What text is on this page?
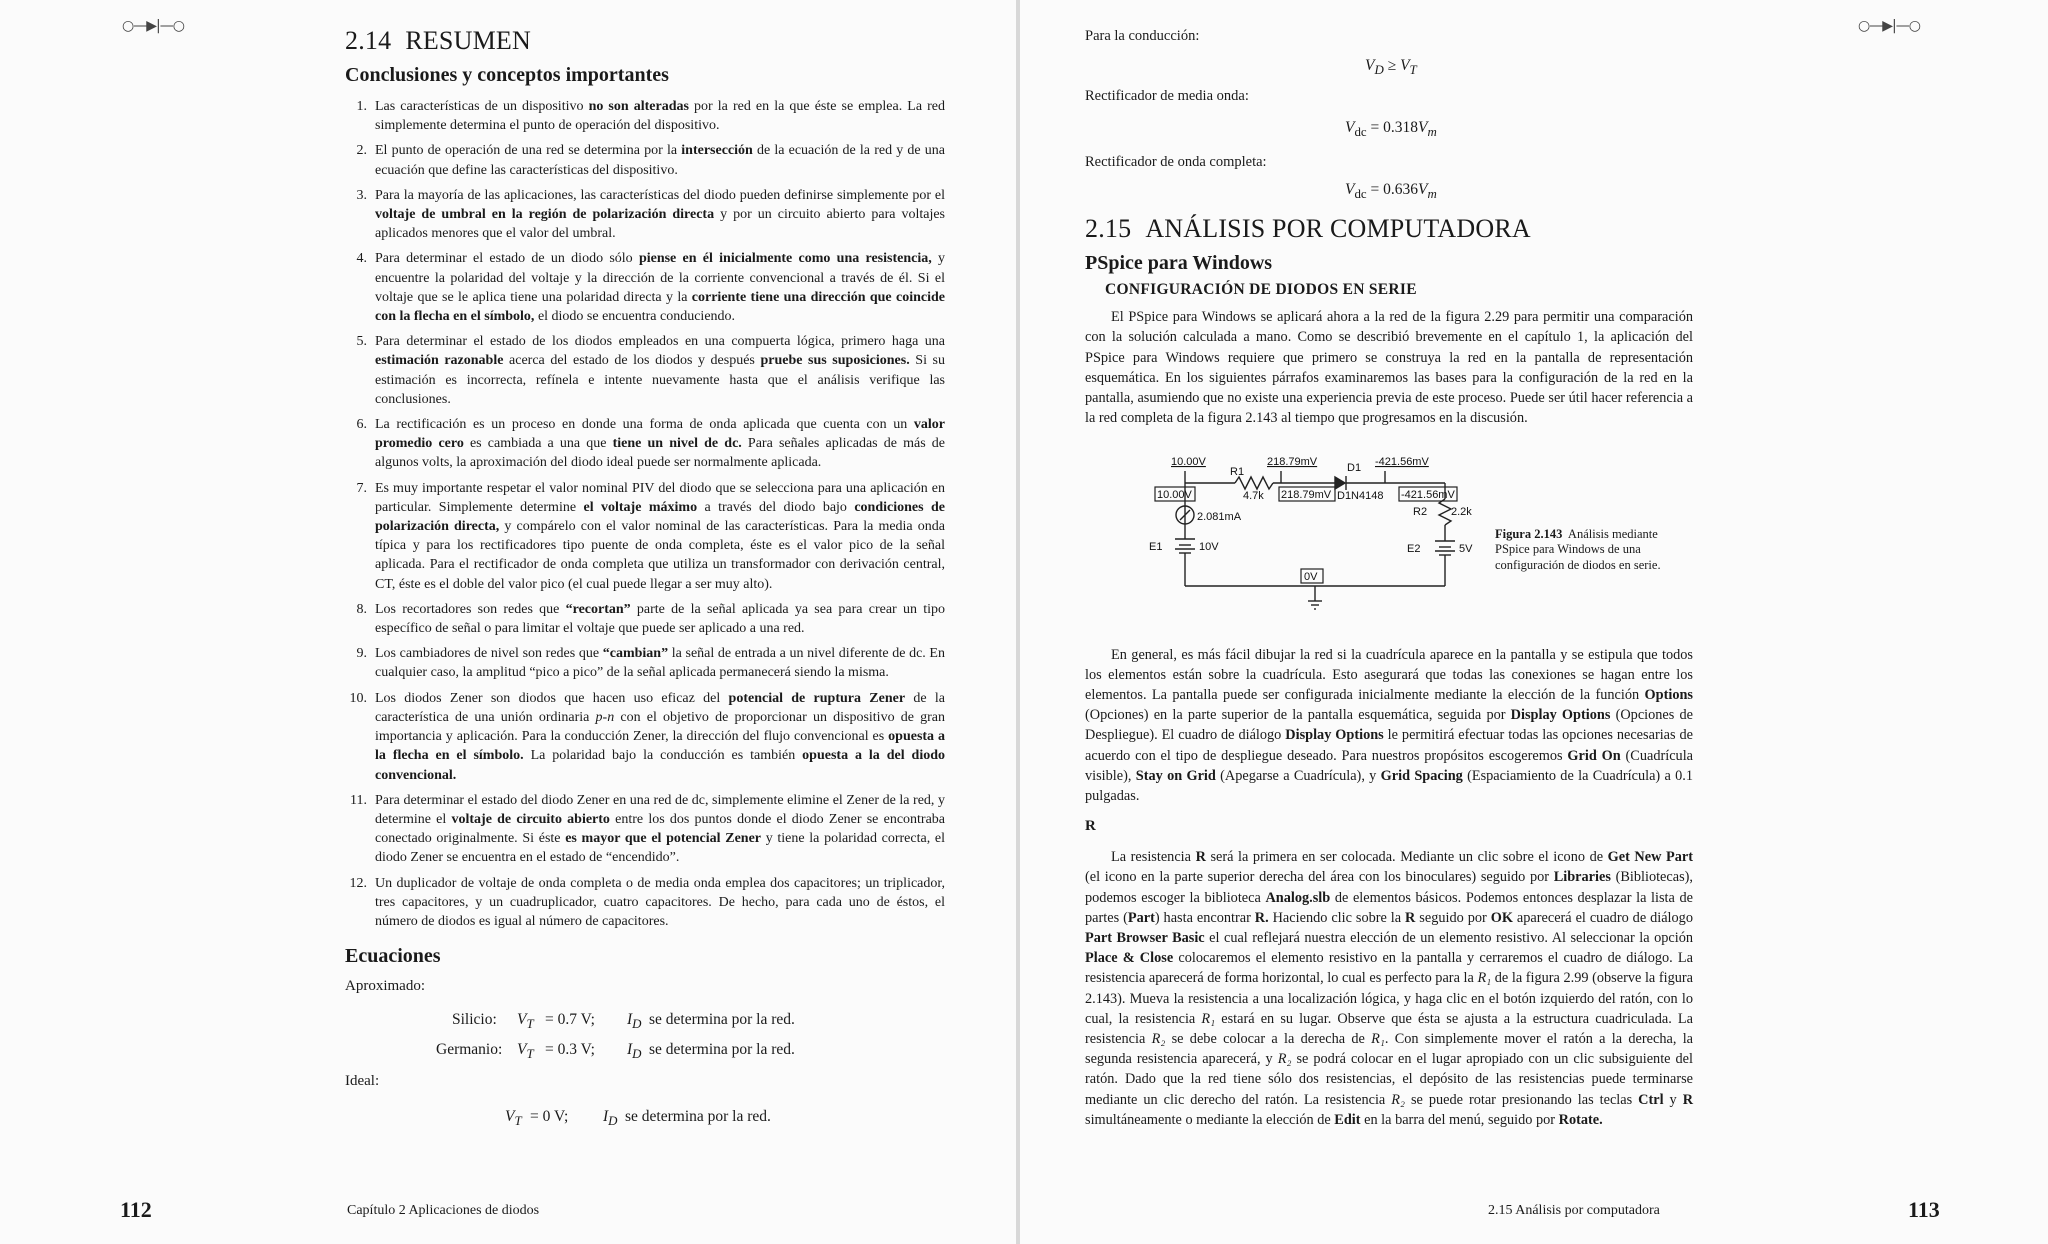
○—▶|—○	○—▶|—○
2.14 RESUMEN
Conclusiones y conceptos importantes
1. Las características de un dispositivo no son alteradas por la red en la que éste se emplea. La red simplemente determina el punto de operación del dispositivo.
2. El punto de operación de una red se determina por la intersección de la ecuación de la red y de una ecuación que define las características del dispositivo.
3. Para la mayoría de las aplicaciones, las características del diodo pueden definirse simplemente por el voltaje de umbral en la región de polarización directa y por un circuito abierto para voltajes aplicados menores que el valor del umbral.
4. Para determinar el estado de un diodo sólo piense en él inicialmente como una resistencia, y encuentre la polaridad del voltaje y la dirección de la corriente convencional a través de él. Si el voltaje que se le aplica tiene una polaridad directa y la corriente tiene una dirección que coincide con la flecha en el símbolo, el diodo se encuentra conduciendo.
5. Para determinar el estado de los diodos empleados en una compuerta lógica, primero haga una estimación razonable acerca del estado de los diodos y después pruebe sus suposiciones. Si su estimación es incorrecta, refínela e intente nuevamente hasta que el análisis verifique las conclusiones.
6. La rectificación es un proceso en donde una forma de onda aplicada que cuenta con un valor promedio cero es cambiada a una que tiene un nivel de dc. Para señales aplicadas de más de algunos volts, la aproximación del diodo ideal puede ser normalmente aplicada.
7. Es muy importante respetar el valor nominal PIV del diodo que se selecciona para una aplicación en particular. Simplemente determine el voltaje máximo a través del diodo bajo condiciones de polarización directa, y compárelo con el valor nominal de las características. Para la media onda típica y para los rectificadores tipo puente de onda completa, éste es el valor pico de la señal aplicada. Para el rectificador de onda completa que utiliza un transformador con derivación central, CT, éste es el doble del valor pico (el cual puede llegar a ser muy alto).
8. Los recortadores son redes que “recortan” parte de la señal aplicada ya sea para crear un tipo específico de señal o para limitar el voltaje que puede ser aplicado a una red.
9. Los cambiadores de nivel son redes que “cambian” la señal de entrada a un nivel diferente de dc. En cualquier caso, la amplitud “pico a pico” de la señal aplicada permanecerá siendo la misma.
10. Los diodos Zener son diodos que hacen uso eficaz del potencial de ruptura Zener de la característica de una unión ordinaria p-n con el objetivo de proporcionar un dispositivo de gran importancia y aplicación. Para la conducción Zener, la dirección del flujo convencional es opuesta a la flecha en el símbolo. La polaridad bajo la conducción es también opuesta a la del diodo convencional.
11. Para determinar el estado del diodo Zener en una red de dc, simplemente elimine el Zener de la red, y determine el voltaje de circuito abierto entre los dos puntos donde el diodo Zener se encontraba conectado originalmente. Si éste es mayor que el potencial Zener y tiene la polaridad correcta, el diodo Zener se encuentra en el estado de “encendido”.
12. Un duplicador de voltaje de onda completa o de media onda emplea dos capacitores; un triplicador, tres capacitores, y un cuadruplicador, cuatro capacitores. De hecho, para cada uno de éstos, el número de diodos es igual al número de capacitores.
Ecuaciones
Aproximado:
Silicio: $V_T = 0.7$ V; $I_D$ se determina por la red.
Germanio: $V_T = 0.3$ V; $I_D$ se determina por la red.
Ideal:
$V_T = 0$ V; $I_D$ se determina por la red.
112	Capítulo 2 Aplicaciones de diodos
Para la conducción:
$V_D \ge V_T$
Rectificador de media onda:
$V_{dc} = 0.318V_m$
Rectificador de onda completa:
$V_{dc} = 0.636V_m$
2.15 ANÁLISIS POR COMPUTADORA
PSpice para Windows
CONFIGURACIÓN DE DIODOS EN SERIE

El PSpice para Windows se aplicará ahora a la red de la figura 2.29 para permitir una comparación con la solución calculada a mano. Como se describió brevemente en el capítulo 1, la aplicación del PSpice para Windows requiere que primero se construya la red en la pantalla de representación esquemática. En los siguientes párrafos examinaremos las bases para la configuración de la red en la pantalla, asumiendo que no existe una experiencia previa de este proceso. Puede ser útil hacer referencia a la red completa de la figura 2.143 al tiempo que progresamos en la discusión.

10.00V
10.00V
R1
218.79mV
4.7k 218.79mV
D1
D1N4148
-421.56mV
-421.56mV
2.081mA	R2 2.2k
E1	10V	E2	5V
0V
Figura 2.143 Análisis mediante PSpice para Windows de una configuración de diodos en serie.

En general, es más fácil dibujar la red si la cuadrícula aparece en la pantalla y se estipula que todos los elementos están sobre la cuadrícula. Esto asegurará que todas las conexiones se hagan entre los elementos. La pantalla puede ser configurada inicialmente mediante la elección de la función Options (Opciones) en la parte superior de la pantalla esquemática, seguida por Display Options (Opciones de Despliegue). El cuadro de diálogo Display Options le permitirá efectuar todas las opciones necesarias de acuerdo con el tipo de despliegue deseado. Para nuestros propósitos escogeremos Grid On (Cuadrícula visible), Stay on Grid (Apegarse a Cuadrícula), y Grid Spacing (Espaciamiento de la Cuadrícula) a 0.1 pulgadas.

R

La resistencia R será la primera en ser colocada. Mediante un clic sobre el icono de Get New Part (el icono en la parte superior derecha del área con los binoculares) seguido por Libraries (Bibliotecas), podemos escoger la biblioteca Analog.slb de elementos básicos. Podemos entonces desplazar la lista de partes (Part) hasta encontrar R. Haciendo clic sobre la R seguido por OK aparecerá el cuadro de diálogo Part Browser Basic el cual reflejará nuestra elección de un elemento resistivo. Al seleccionar la opción Place & Close colocaremos el elemento resistivo en la pantalla y cerraremos el cuadro de diálogo. La resistencia aparecerá de forma horizontal, lo cual es perfecto para la R₁ de la figura 2.99 (observe la figura 2.143). Mueva la resistencia a una localización lógica, y haga clic en el botón izquierdo del ratón, con lo cual, la resistencia R₁ estará en su lugar. Observe que ésta se ajusta a la estructura cuadriculada. La resistencia R₂ se debe colocar a la derecha de R₁. Con simplemente mover el ratón a la derecha, la segunda resistencia aparecerá, y R₂ se podrá colocar en el lugar apropiado con un clic subsiguiente del ratón. Dado que la red tiene sólo dos resistencias, el depósito de las resistencias puede terminarse mediante un clic derecho del ratón. La resistencia R₂ se puede rotar presionando las teclas Ctrl y R simultáneamente o mediante la elección de Edit en la barra del menú, seguido por Rotate.

2.15 Análisis por computadora	113
